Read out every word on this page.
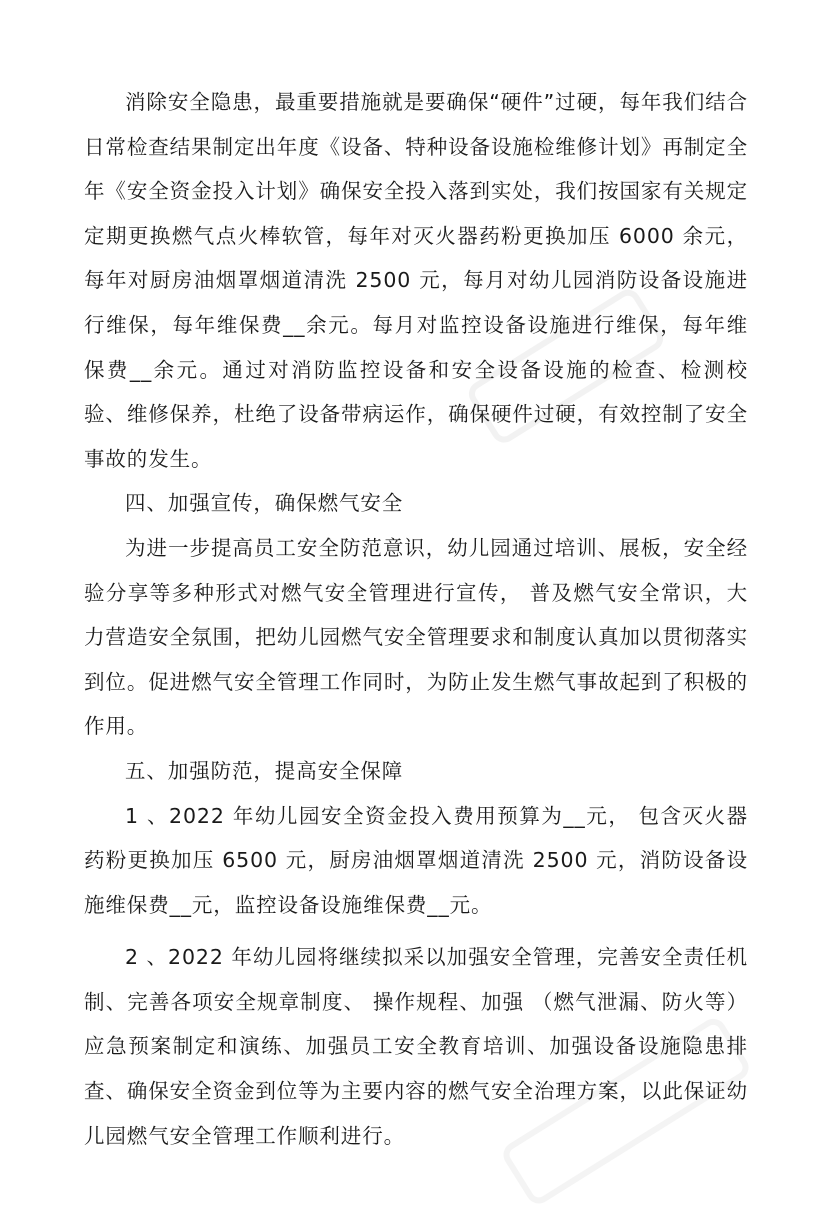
消除安全隐患，最重要措施就是要确保“硬件”过硬，每年我们结合日常检查结果制定出年度《设备、特种设备设施检维修计划》再制定全年《安全资金投入计划》确保安全投入落到实处，我们按国家有关规定定期更换燃气点火棒软管，每年对灭火器药粉更换加压 6000 余元，每年对厨房油烟罩烟道清洗 2500 元，每月对幼儿园消防设备设施进行维保，每年维保费__余元。每月对监控设备设施进行维保，每年维保费__余元。通过对消防监控设备和安全设备设施的检查、检测校验、维修保养，杜绝了设备带病运作，确保硬件过硬，有效控制了安全事故的发生。

四、加强宣传，确保燃气安全

为进一步提高员工安全防范意识，幼儿园通过培训、展板，安全经验分享等多种形式对燃气安全管理进行宣传， 普及燃气安全常识，大力营造安全氛围，把幼儿园燃气安全管理要求和制度认真加以贯彻落实到位。促进燃气安全管理工作同时，为防止发生燃气事故起到了积极的作用。

五、加强防范，提高安全保障

1 、2022 年幼儿园安全资金投入费用预算为__元， 包含灭火器药粉更换加压 6500 元，厨房油烟罩烟道清洗 2500 元，消防设备设施维保费__元，监控设备设施维保费__元。

2 、2022 年幼儿园将继续拟采以加强安全管理，完善安全责任机制、完善各项安全规章制度、 操作规程、加强 （燃气泄漏、防火等）应急预案制定和演练、加强员工安全教育培训、加强设备设施隐患排查、确保安全资金到位等为主要内容的燃气安全治理方案，以此保证幼儿园燃气安全管理工作顺利进行。
